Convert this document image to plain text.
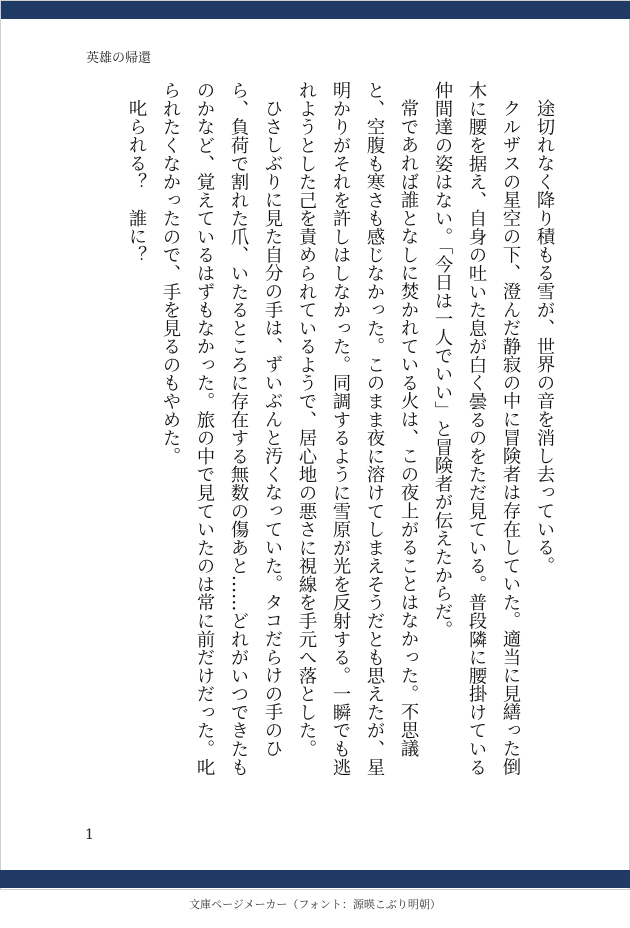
英雄の帰還

途切れなく降り積もる雪が、世界の音を消し去っている。

クルザスの星空の下、澄んだ静寂の中に冒険者は存在していた。適当に見繕った倒木に腰を据え、自身の吐いた息が白く曇るのをただ見ている。普段隣に腰掛けている仲間達の姿はない。「今日は一人でいい」と冒険者が伝えたからだ。

常であれば誰となしに焚かれている火は、この夜上がることはなかった。不思議と、空腹も寒さも感じなかった。このまま夜に溶けてしまえそうだとも思えたが、星明かりがそれを許しはしなかった。同調するように雪原が光を反射する。一瞬でも逃れようとした己を責められているようで、居心地の悪さに視線を手元へ落とした。

ひさしぶりに見た自分の手は、ずいぶんと汚くなっていた。タコだらけの手のひら、負荷で割れた爪、いたるところに存在する無数の傷あと……どれがいつできたものかなど、覚えているはずもなかった。旅の中で見ていたのは常に前だけだった。叱られたくなかったので、手を見るのもやめた。

叱られる？　誰に？

1
文庫ページメーカー（フォント：源暎こぶり明朝）
